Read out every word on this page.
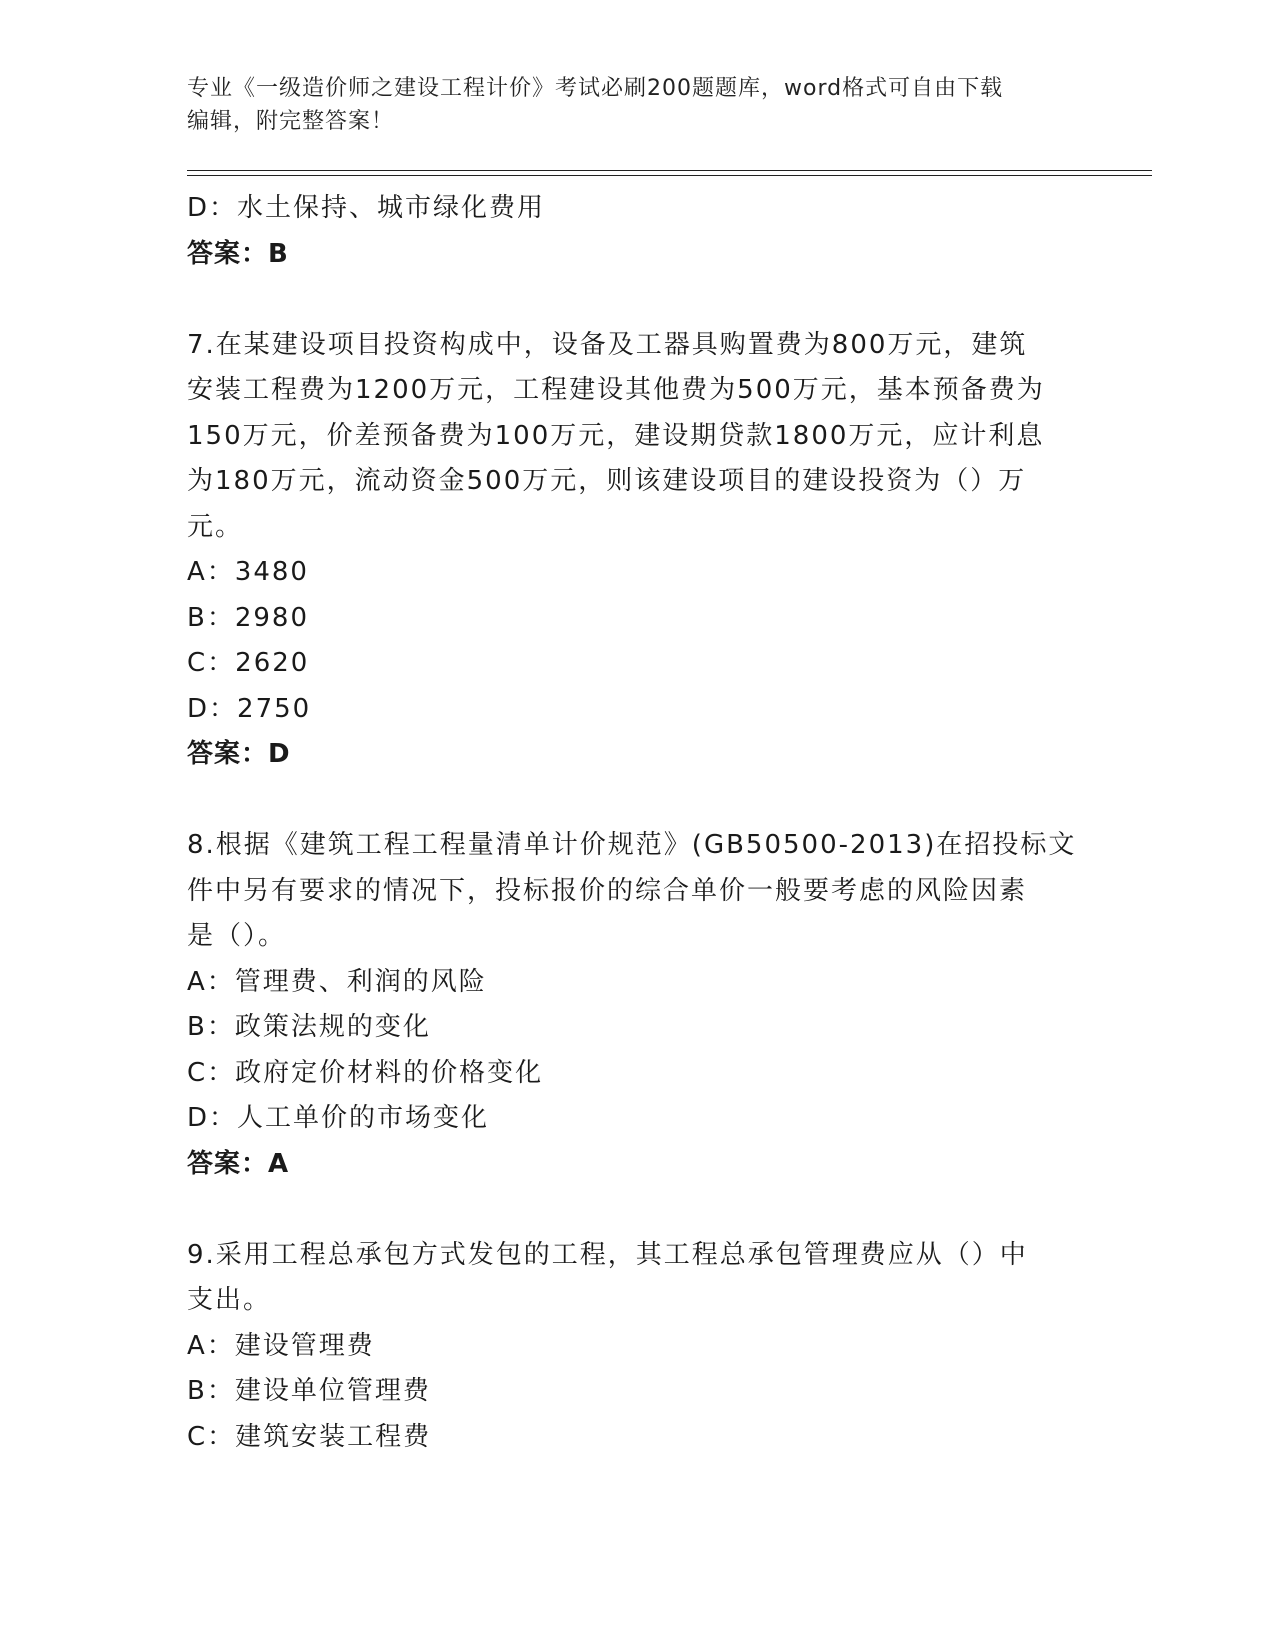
专业《一级造价师之建设工程计价》考试必刷200题题库，word格式可自由下载
编辑，附完整答案！
D：水土保持、城市绿化费用
答案：B
7.在某建设项目投资构成中，设备及工器具购置费为800万元，建筑
安装工程费为1200万元，工程建设其他费为500万元，基本预备费为
150万元，价差预备费为100万元，建设期贷款1800万元，应计利息
为180万元，流动资金500万元，则该建设项目的建设投资为（）万
元。
A：3480
B：2980
C：2620
D：2750
答案：D
8.根据《建筑工程工程量清单计价规范》(GB50500-2013)在招投标文
件中另有要求的情况下，投标报价的综合单价一般要考虑的风险因素
是（）。
A：管理费、利润的风险
B：政策法规的变化
C：政府定价材料的价格变化
D：人工单价的市场变化
答案：A
9.采用工程总承包方式发包的工程，其工程总承包管理费应从（）中
支出。
A：建设管理费
B：建设单位管理费
C：建筑安装工程费
